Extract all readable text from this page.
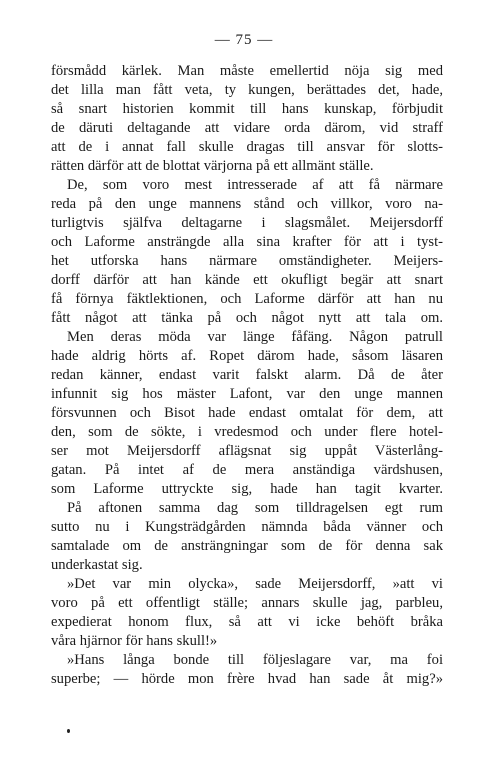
— 75 —
försmådd kärlek. Man måste emellertid nöja sig med
det lilla man fått veta, ty kungen, berättades det, hade,
så snart historien kommit till hans kunskap, förbjudit
de däruti deltagande att vidare orda därom, vid straff
att de i annat fall skulle dragas till ansvar för slotts-
rätten därför att de blottat värjorna på ett allmänt ställe.
De, som voro mest intresserade af att få närmare
reda på den unge mannens stånd och villkor, voro na-
turligtvis själfva deltagarne i slagsmålet. Meijersdorff
och Laforme ansträngde alla sina krafter för att i tyst-
het utforska hans närmare omständigheter. Meijers-
dorff därför att han kände ett okufligt begär att snart
få förnya fäktlektionen, och Laforme därför att han nu
fått något att tänka på och något nytt att tala om.
Men deras möda var länge fåfäng. Någon patrull
hade aldrig hörts af. Ropet därom hade, såsom läsaren
redan känner, endast varit falskt alarm. Då de åter
infunnit sig hos mäster Lafont, var den unge mannen
försvunnen och Bisot hade endast omtalat för dem, att
den, som de sökte, i vredesmod och under flere hotel-
ser mot Meijersdorff aflägsnat sig uppåt Västerlång-
gatan. På intet af de mera anständiga värdshusen,
som Laforme uttryckte sig, hade han tagit kvarter.
På aftonen samma dag som tilldragelsen egt rum
sutto nu i Kungsträdgården nämnda båda vänner och
samtalade om de ansträngningar som de för denna sak
underkastat sig.
»Det var min olycka», sade Meijersdorff, »att vi
voro på ett offentligt ställe; annars skulle jag, parbleu,
expedierat honom flux, så att vi icke behöft bråka
våra hjärnor för hans skull!»
»Hans långa bonde till följeslagare var, ma foi
superbe; — hörde mon frère hvad han sade åt mig?»
